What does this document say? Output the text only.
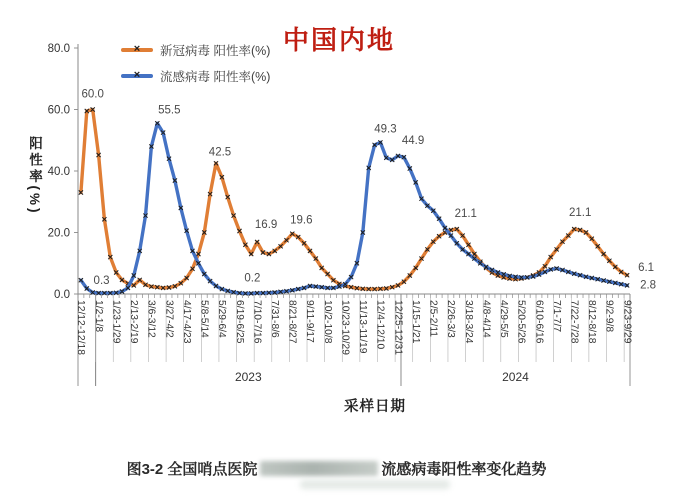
中国内地
× 新冠病毒 阳性率(%)
× 流感病毒 阳性率(%)
阳性率(%)
2023	2024
12/12-12/18 1/2-1/8 1/23-1/29 2/13-2/19 3/6-3/12 3/27-4/2 4/17-4/23 5/8-5/14 5/29-6/4 6/19-6/25 7/10-7/16 7/31-8/6 8/21-8/27 9/11-9/17 10/2-10/8 10/23-10/29 11/13-11/19 12/4-12/10 12/25-12/31 1/15-1/21 2/5-2/11 2/26-3/3 3/18-3/24 4/8-4/14 4/29-5/5 5/20-5/26 6/10-6/16 7/1-7/7 7/22-7/28 8/12-8/18 9/2-9/8 9/23-9/29
0.0
20.0
40.0
60.0
80.0
60.0
0.3
55.5
42.5
16.9
0.2
19.6
49.3
44.9
21.1	21.1
6.1
2.8
采样日期
图3-2 全国哨点医院	流感病毒阳性率变化趋势
